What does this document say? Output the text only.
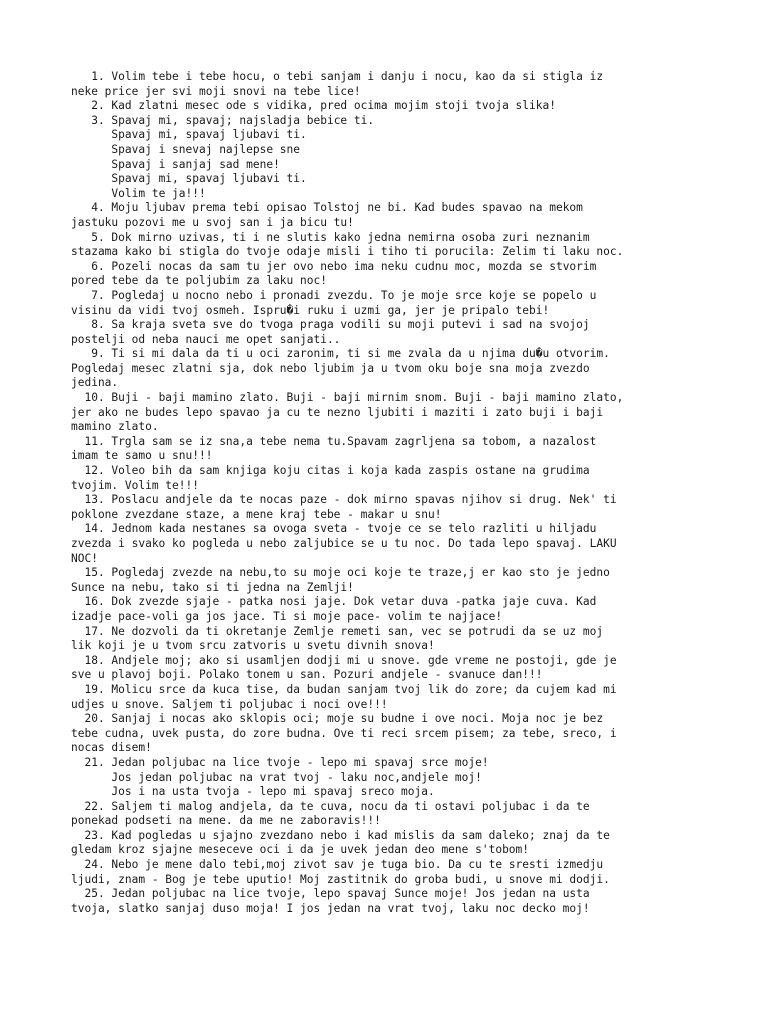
1. Volim tebe i tebe hocu, o tebi sanjam i danju i nocu, kao da si stigla iz
neke price jer svi moji snovi na tebe lice!
2. Kad zlatni mesec ode s vidika, pred ocima mojim stoji tvoja slika!
3. Spavaj mi, spavaj; najsladja bebice ti.
Spavaj mi, spavaj ljubavi ti.
Spavaj i snevaj najlepse sne
Spavaj i sanjaj sad mene!
Spavaj mi, spavaj ljubavi ti.
Volim te ja!!!
4. Moju ljubav prema tebi opisao Tolstoj ne bi. Kad budes spavao na mekom
jastuku pozovi me u svoj san i ja bicu tu!
5. Dok mirno uzivas, ti i ne slutis kako jedna nemirna osoba zuri neznanim
stazama kako bi stigla do tvoje odaje misli i tiho ti porucila: Zelim ti laku noc.
6. Pozeli nocas da sam tu jer ovo nebo ima neku cudnu moc, mozda se stvorim
pored tebe da te poljubim za laku noc!
7. Pogledaj u nocno nebo i pronadi zvezdu. To je moje srce koje se popelo u
visinu da vidi tvoj osmeh. Ispru�i ruku i uzmi ga, jer je pripalo tebi!
8. Sa kraja sveta sve do tvoga praga vodili su moji putevi i sad na svojoj
postelji od neba nauci me opet sanjati..
9. Ti si mi dala da ti u oci zaronim, ti si me zvala da u njima du�u otvorim.
Pogledaj mesec zlatni sja, dok nebo ljubim ja u tvom oku boje sna moja zvezdo
jedina.
10. Buji - baji mamino zlato. Buji - baji mirnim snom. Buji - baji mamino zlato,
jer ako ne budes lepo spavao ja cu te nezno ljubiti i maziti i zato buji i baji
mamino zlato.
11. Trgla sam se iz sna,a tebe nema tu.Spavam zagrljena sa tobom, a nazalost
imam te samo u snu!!!
12. Voleo bih da sam knjiga koju citas i koja kada zaspis ostane na grudima
tvojim. Volim te!!!
13. Poslacu andjele da te nocas paze - dok mirno spavas njihov si drug. Nek' ti
poklone zvezdane staze, a mene kraj tebe - makar u snu!
14. Jednom kada nestanes sa ovoga sveta - tvoje ce se telo razliti u hiljadu
zvezda i svako ko pogleda u nebo zaljubice se u tu noc. Do tada lepo spavaj. LAKU
NOC!
15. Pogledaj zvezde na nebu,to su moje oci koje te traze,j er kao sto je jedno
Sunce na nebu, tako si ti jedna na Zemlji!
16. Dok zvezde sjaje - patka nosi jaje. Dok vetar duva -patka jaje cuva. Kad
izadje pace-voli ga jos jace. Ti si moje pace- volim te najjace!
17. Ne dozvoli da ti okretanje Zemlje remeti san, vec se potrudi da se uz moj
lik koji je u tvom srcu zatvoris u svetu divnih snova!
18. Andjele moj; ako si usamljen dodji mi u snove. gde vreme ne postoji, gde je
sve u plavoj boji. Polako tonem u san. Pozuri andjele - svanuce dan!!!
19. Molicu srce da kuca tise, da budan sanjam tvoj lik do zore; da cujem kad mi
udjes u snove. Saljem ti poljubac i noci ove!!!
20. Sanjaj i nocas ako sklopis oci; moje su budne i ove noci. Moja noc je bez
tebe cudna, uvek pusta, do zore budna. Ove ti reci srcem pisem; za tebe, sreco, i
nocas disem!
21. Jedan poljubac na lice tvoje - lepo mi spavaj srce moje!
Jos jedan poljubac na vrat tvoj - laku noc,andjele moj!
Jos i na usta tvoja - lepo mi spavaj sreco moja.
22. Saljem ti malog andjela, da te cuva, nocu da ti ostavi poljubac i da te
ponekad podseti na mene. da me ne zaboravis!!!
23. Kad pogledas u sjajno zvezdano nebo i kad mislis da sam daleko; znaj da te
gledam kroz sjajne meseceve oci i da je uvek jedan deo mene s'tobom!
24. Nebo je mene dalo tebi,moj zivot sav je tuga bio. Da cu te sresti izmedju
ljudi, znam - Bog je tebe uputio! Moj zastitnik do groba budi, u snove mi dodji.
25. Jedan poljubac na lice tvoje, lepo spavaj Sunce moje! Jos jedan na usta
tvoja, slatko sanjaj duso moja! I jos jedan na vrat tvoj, laku noc decko moj!
